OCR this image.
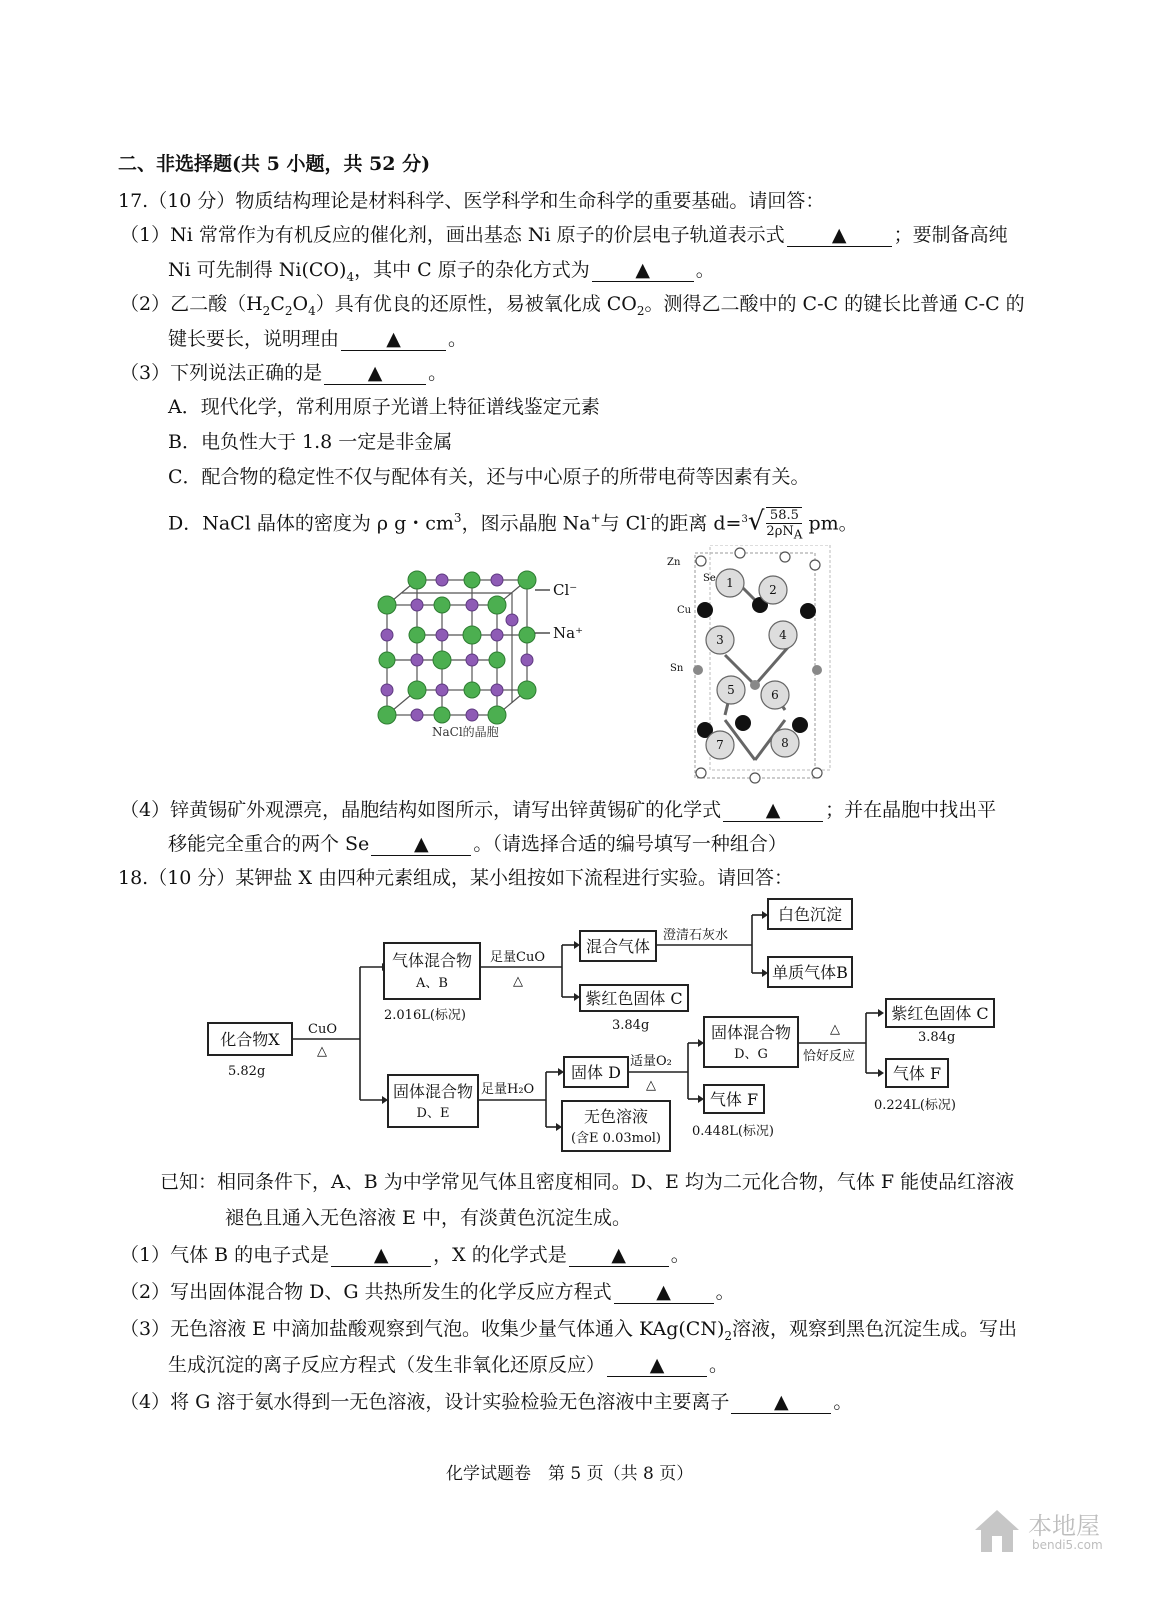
二、非选择题(共 5 小题，共 52 分)
17.（10 分）物质结构理论是材料科学、医学科学和生命科学的重要基础。请回答：
（1）Ni 常常作为有机反应的催化剂，画出基态 Ni 原子的价层电子轨道表示式 ▲ ；要制备高纯
Ni 可先制得 $Ni(CO)_4$，其中 C 原子的杂化方式为 ▲ 。
（2）乙二酸$(H_2C_2O_4)$具有优良的还原性，易被氧化成 $CO_2$。测得乙二酸中的 C-C 的键长比普通 C-C 的
键长要长，说明理由 ▲ 。
（3）下列说法正确的是 ▲ 。
A．现代化学，常利用原子光谱上特征谱线鉴定元素
B．电负性大于 1.8 一定是非金属
C．配合物的稳定性不仅与配体有关，还与中心原子的所带电荷等因素有关。
D．NaCl 晶体的密度为 ρ g・$cm^3$，图示晶胞 Na+与 Cl-的距离 $d=^3√ \frac{58.5}{2\rho N_A}$ pm。
Cl⁻
Na⁺
NaCl的晶胞
Zn
Se
Cu
Sn
1	2
3	4
5	6
7	8
（4）锌黄锡矿外观漂亮，晶胞结构如图所示，请写出锌黄锡矿的化学式 ▲ ；并在晶胞中找出平
移能完全重合的两个 Se ▲ 。（请选择合适的编号填写一种组合）
18.（10 分）某钾盐 X 由四种元素组成，某小组按如下流程进行实验。请回答：
化合物X
5.82g
CuO
△
气体混合物
A、B
2.016L(标况)
足量CuO
△
混合气体
澄清石灰水
白色沉淀
单质气体B
紫红色固体 C
3.84g
固体混合物
D、E
足量H₂O
固体 D
无色溶液
(含E 0.03mol)
适量O₂
△
固体混合物
D、G
气体 F
0.448L(标况)
△
恰好反应
紫红色固体 C
3.84g
气体 F
0.224L(标况)
已知：相同条件下，A、B 为中学常见气体且密度相同。D、E 均为二元化合物，气体 F 能使品红溶液
褪色且通入无色溶液 E 中，有淡黄色沉淀生成。
（1）气体 B 的电子式是 ▲ ，X 的化学式是 ▲ 。
（2）写出固体混合物 D、G 共热所发生的化学反应方程式 ▲ 。
（3）无色溶液 E 中滴加盐酸观察到气泡。收集少量气体通入 $KAg(CN)_2$溶液，观察到黑色沉淀生成。写出
生成沉淀的离子反应方程式（发生非氧化还原反应） ▲ 。
（4）将 G 溶于氨水得到一无色溶液，设计实验检验无色溶液中主要离子 ▲ 。
化学试题卷　第 5 页（共 8 页）
本地屋
bendi5.com
